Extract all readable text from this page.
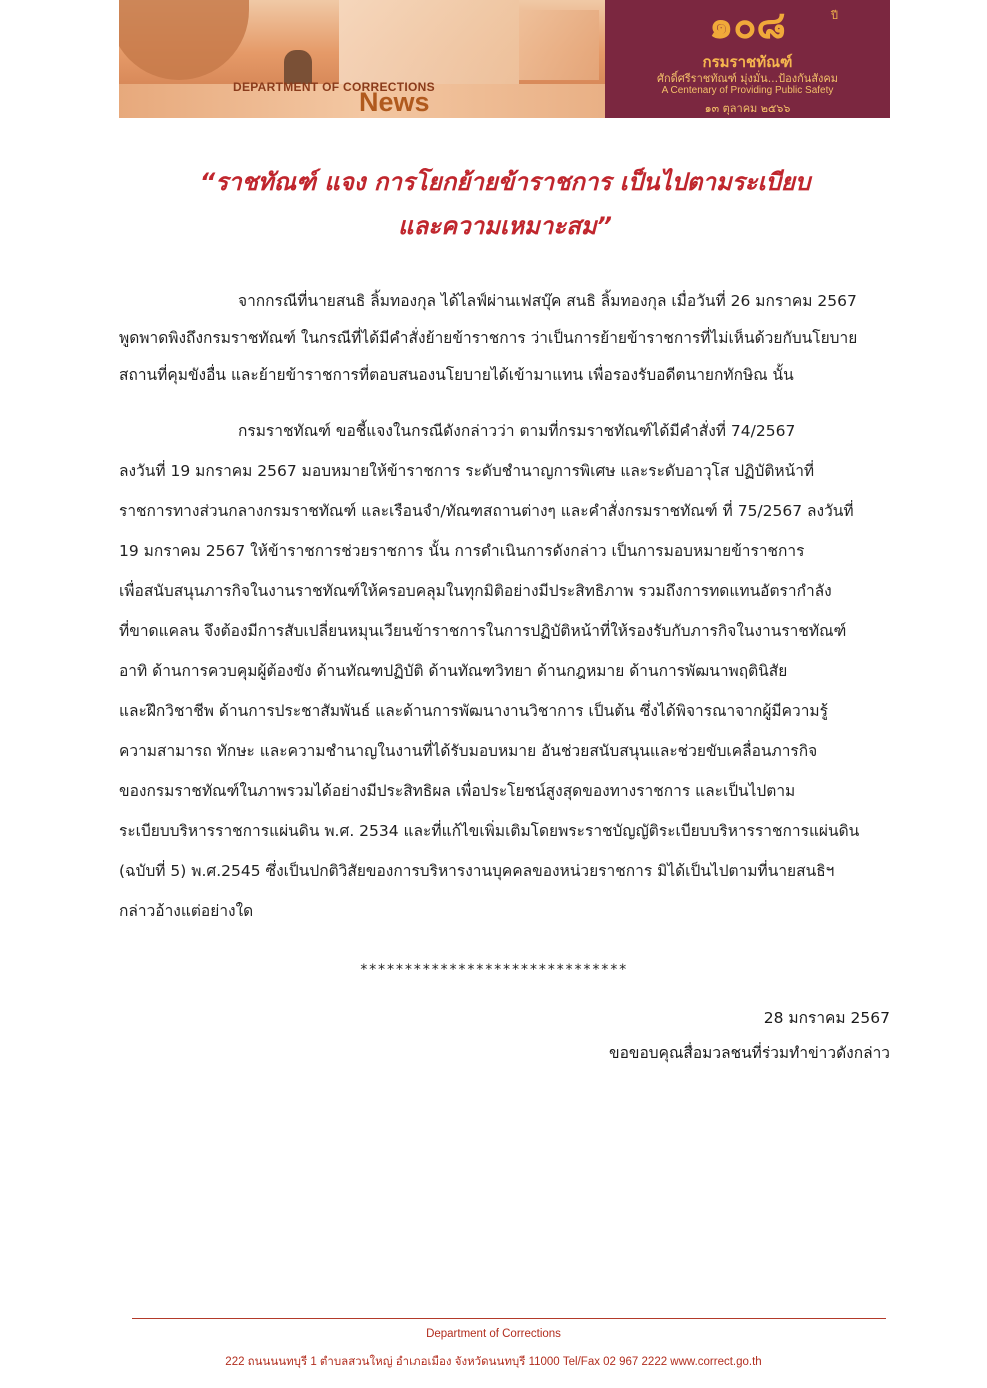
DEPARTMENT OF CORRECTIONS
News
๑๐๘	ปี
กรมราชทัณฑ์
ศักดิ์ศรีราชทัณฑ์ มุ่งมั่น...ป้องกันสังคม
A Centenary of Providing Public Safety
๑๓ ตุลาคม ๒๕๖๖
“ราชทัณฑ์ แจง การโยกย้ายข้าราชการ เป็นไปตามระเบียบ
และความเหมาะสม”
จากกรณีที่นายสนธิ ลิ้มทองกุล ได้ไลฟ์ผ่านเฟสบุ๊ค สนธิ ลิ้มทองกุล เมื่อวันที่ 26 มกราคม 2567
พูดพาดพิงถึงกรมราชทัณฑ์ ในกรณีที่ได้มีคำสั่งย้ายข้าราชการ ว่าเป็นการย้ายข้าราชการที่ไม่เห็นด้วยกับนโยบาย
สถานที่คุมขังอื่น และย้ายข้าราชการที่ตอบสนองนโยบายได้เข้ามาแทน เพื่อรองรับอดีตนายกทักษิณ นั้น
กรมราชทัณฑ์ ขอชี้แจงในกรณีดังกล่าวว่า ตามที่กรมราชทัณฑ์ได้มีคำสั่งที่ 74/2567
ลงวันที่ 19 มกราคม 2567 มอบหมายให้ข้าราชการ ระดับชำนาญการพิเศษ และระดับอาวุโส ปฏิบัติหน้าที่
ราชการทางส่วนกลางกรมราชทัณฑ์ และเรือนจำ/ทัณฑสถานต่างๆ และคำสั่งกรมราชทัณฑ์ ที่ 75/2567 ลงวันที่
19 มกราคม 2567 ให้ข้าราชการช่วยราชการ นั้น การดำเนินการดังกล่าว เป็นการมอบหมายข้าราชการ
เพื่อสนับสนุนภารกิจในงานราชทัณฑ์ให้ครอบคลุมในทุกมิติอย่างมีประสิทธิภาพ รวมถึงการทดแทนอัตรากำลัง
ที่ขาดแคลน จึงต้องมีการสับเปลี่ยนหมุนเวียนข้าราชการในการปฏิบัติหน้าที่ให้รองรับกับภารกิจในงานราชทัณฑ์
อาทิ ด้านการควบคุมผู้ต้องขัง ด้านทัณฑปฏิบัติ ด้านทัณฑวิทยา ด้านกฎหมาย ด้านการพัฒนาพฤตินิสัย
และฝึกวิชาชีพ ด้านการประชาสัมพันธ์ และด้านการพัฒนางานวิชาการ เป็นต้น ซึ่งได้พิจารณาจากผู้มีความรู้
ความสามารถ ทักษะ และความชำนาญในงานที่ได้รับมอบหมาย อันช่วยสนับสนุนและช่วยขับเคลื่อนภารกิจ
ของกรมราชทัณฑ์ในภาพรวมได้อย่างมีประสิทธิผล เพื่อประโยชน์สูงสุดของทางราชการ และเป็นไปตาม
ระเบียบบริหารราชการแผ่นดิน พ.ศ. 2534 และที่แก้ไขเพิ่มเติมโดยพระราชบัญญัติระเบียบบริหารราชการแผ่นดิน
(ฉบับที่ 5) พ.ศ.2545 ซึ่งเป็นปกติวิสัยของการบริหารงานบุคคลของหน่วยราชการ มิได้เป็นไปตามที่นายสนธิฯ
กล่าวอ้างแต่อย่างใด
******************************
28 มกราคม 2567
ขอขอบคุณสื่อมวลชนที่ร่วมทำข่าวดังกล่าว
Department of Corrections
222 ถนนนนทบุรี 1 ตำบลสวนใหญ่ อำเภอเมือง จังหวัดนนทบุรี 11000 Tel/Fax 02 967 2222 www.correct.go.th
